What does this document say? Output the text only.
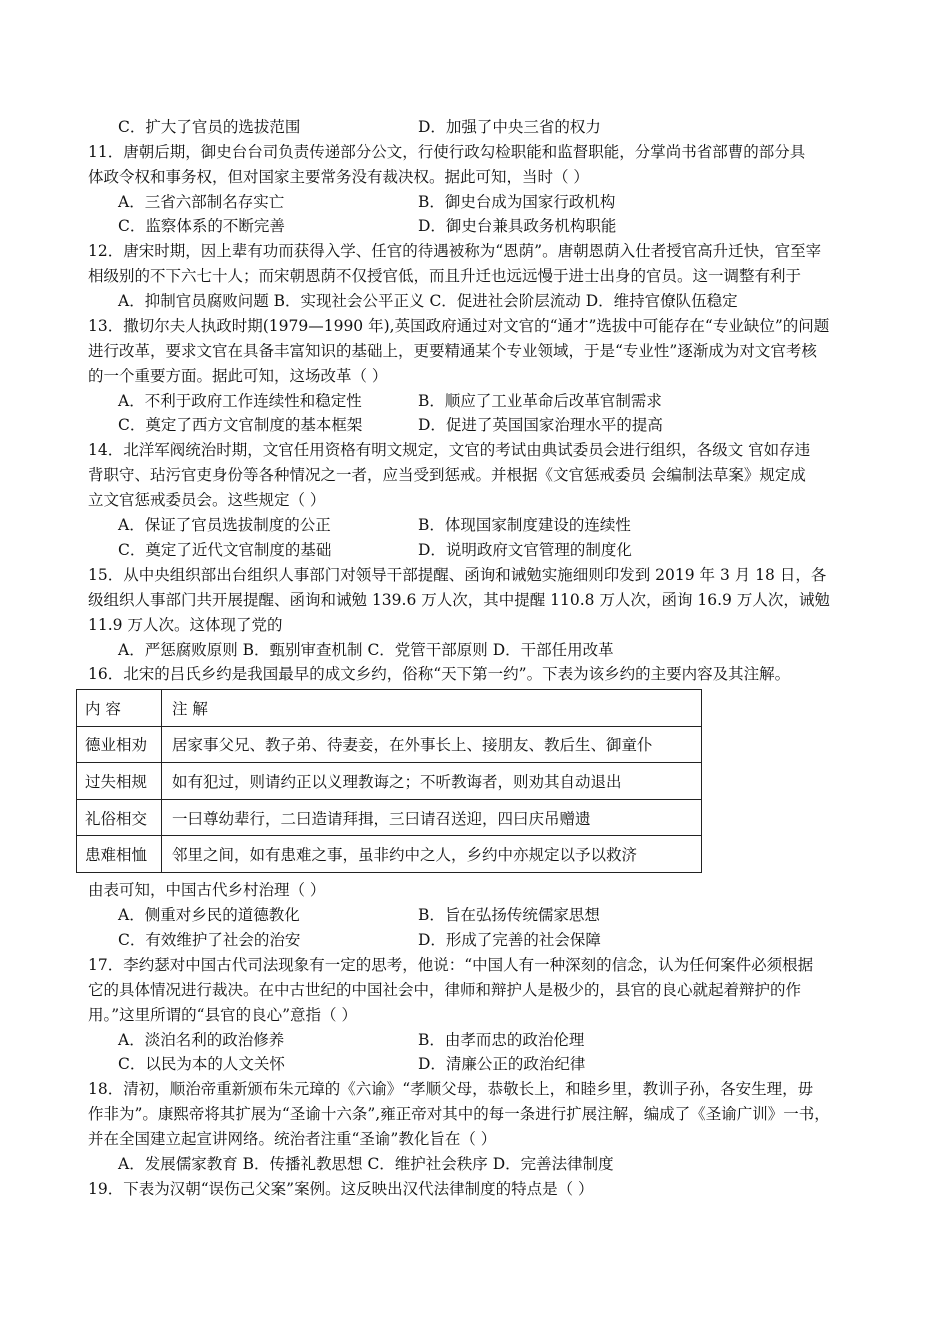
C．扩大了官员的选拔范围	D．加强了中央三省的权力
11．唐朝后期，御史台台司负责传递部分公文，行使行政勾检职能和监督职能，分掌尚书省部曹的部分具
体政令权和事务权，但对国家主要常务没有裁决权。据此可知，当时（ ）
A．三省六部制名存实亡	B．御史台成为国家行政机构
C．监察体系的不断完善	D．御史台兼具政务机构职能
12．唐宋时期，因上辈有功而获得入学、任官的待遇被称为“恩荫”。唐朝恩荫入仕者授官高升迁快，官至宰
相级别的不下六七十人；而宋朝恩荫不仅授官低，而且升迁也远远慢于进士出身的官员。这一调整有利于
A．抑制官员腐败问题 B．实现社会公平正义 C．促进社会阶层流动 D．维持官僚队伍稳定
13．撒切尔夫人执政时期(1979—1990 年),英国政府通过对文官的“通才”选拔中可能存在“专业缺位”的问题
进行改革，要求文官在具备丰富知识的基础上，更要精通某个专业领域，于是“专业性”逐渐成为对文官考核
的一个重要方面。据此可知，这场改革（ ）
A．不利于政府工作连续性和稳定性	B．顺应了工业革命后改革官制需求
C．奠定了西方文官制度的基本框架	D．促进了英国国家治理水平的提高
14．北洋军阀统治时期，文官任用资格有明文规定，文官的考试由典试委员会进行组织，各级文 官如存违
背职守、玷污官吏身份等各种情况之一者，应当受到惩戒。并根据《文官惩戒委员 会编制法草案》规定成
立文官惩戒委员会。这些规定（ ）
A．保证了官员选拔制度的公正	B．体现国家制度建设的连续性
C．奠定了近代文官制度的基础	D．说明政府文官管理的制度化
15．从中央组织部出台组织人事部门对领导干部提醒、函询和诫勉实施细则印发到 2019 年 3 月 18 日，各
级组织人事部门共开展提醒、函询和诫勉 139.6 万人次，其中提醒 110.8 万人次，函询 16.9 万人次，诫勉
11.9 万人次。这体现了党的
A．严惩腐败原则 B．甄别审查机制 C．党管干部原则 D．干部任用改革
16．北宋的吕氏乡约是我国最早的成文乡约，俗称“天下第一约”。下表为该乡约的主要内容及其注解。
内 容	注 解
德业相劝	居家事父兄、教子弟、待妻妾，在外事长上、接朋友、教后生、御童仆
过失相规	如有犯过，则请约正以义理教诲之；不听教诲者，则劝其自动退出
礼俗相交	一曰尊幼辈行，二曰造请拜揖，三曰请召送迎，四曰庆吊赠遗
患难相恤	邻里之间，如有患难之事，虽非约中之人，乡约中亦规定以予以救济
由表可知，中国古代乡村治理（ ）
A．侧重对乡民的道德教化	B．旨在弘扬传统儒家思想
C．有效维护了社会的治安	D．形成了完善的社会保障
17．李约瑟对中国古代司法现象有一定的思考，他说：“中国人有一种深刻的信念，认为任何案件必须根据
它的具体情况进行裁决。在中古世纪的中国社会中，律师和辩护人是极少的，县官的良心就起着辩护的作
用。”这里所谓的“县官的良心”意指（ ）
A．淡泊名利的政治修养	B．由孝而忠的政治伦理
C．以民为本的人文关怀	D．清廉公正的政治纪律
18．清初，顺治帝重新颁布朱元璋的《六谕》“孝顺父母，恭敬长上，和睦乡里，教训子孙，各安生理，毋
作非为”。康熙帝将其扩展为“圣谕十六条”,雍正帝对其中的每一条进行扩展注解，编成了《圣谕广训》一书，
并在全国建立起宣讲网络。统治者注重“圣谕”教化旨在（ ）
A．发展儒家教育 B．传播礼教思想 C．维护社会秩序 D．完善法律制度
19．下表为汉朝“误伤己父案”案例。这反映出汉代法律制度的特点是（ ）
